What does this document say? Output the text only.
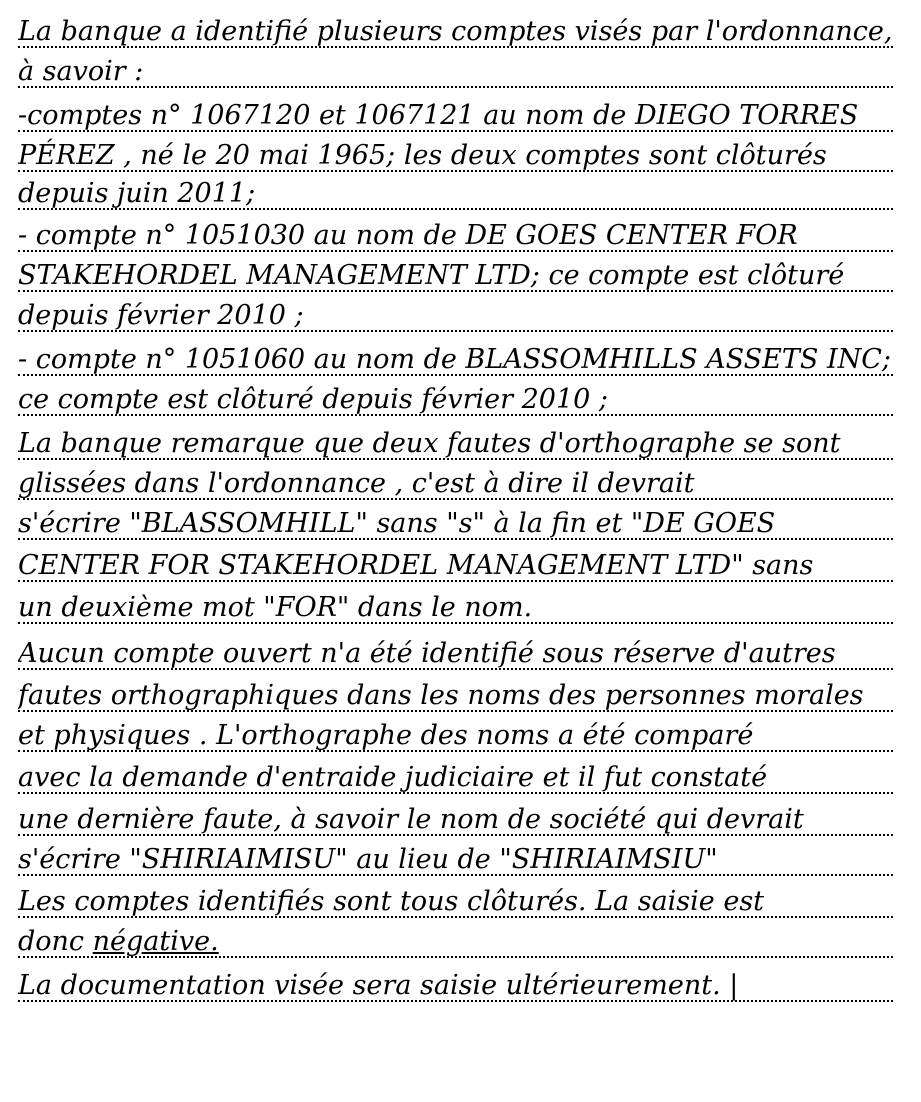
La banque a identifié plusieurs comptes visés par l'ordonnance,
à savoir :
-comptes n° 1067120 et 1067121 au nom de DIEGO TORRES
PÉREZ , né le 20 mai 1965; les deux comptes sont clôturés
depuis juin 2011;
- compte n° 1051030 au nom de DE GOES CENTER FOR
STAKEHORDEL MANAGEMENT LTD; ce compte est clôturé
depuis février 2010 ;
- compte n° 1051060 au nom de BLASSOMHILLS ASSETS INC;
ce compte est clôturé depuis février 2010 ;
La banque remarque que deux fautes d'orthographe se sont
glissées dans l'ordonnance , c'est à dire il devrait
s'écrire "BLASSOMHILL" sans "s" à la fin et "DE GOES
CENTER FOR STAKEHORDEL MANAGEMENT LTD" sans
un deuxième mot "FOR" dans le nom.
Aucun compte ouvert n'a été identifié sous réserve d'autres
fautes orthographiques dans les noms des personnes morales
et physiques . L'orthographe des noms a été comparé
avec la demande d'entraide judiciaire et il fut constaté
une dernière faute, à savoir le nom de société qui devrait
s'écrire "SHIRIAIMISU" au lieu de "SHIRIAIMSIU"
Les comptes identifiés sont tous clôturés. La saisie est
donc négative.
La documentation visée sera saisie ultérieurement. |
